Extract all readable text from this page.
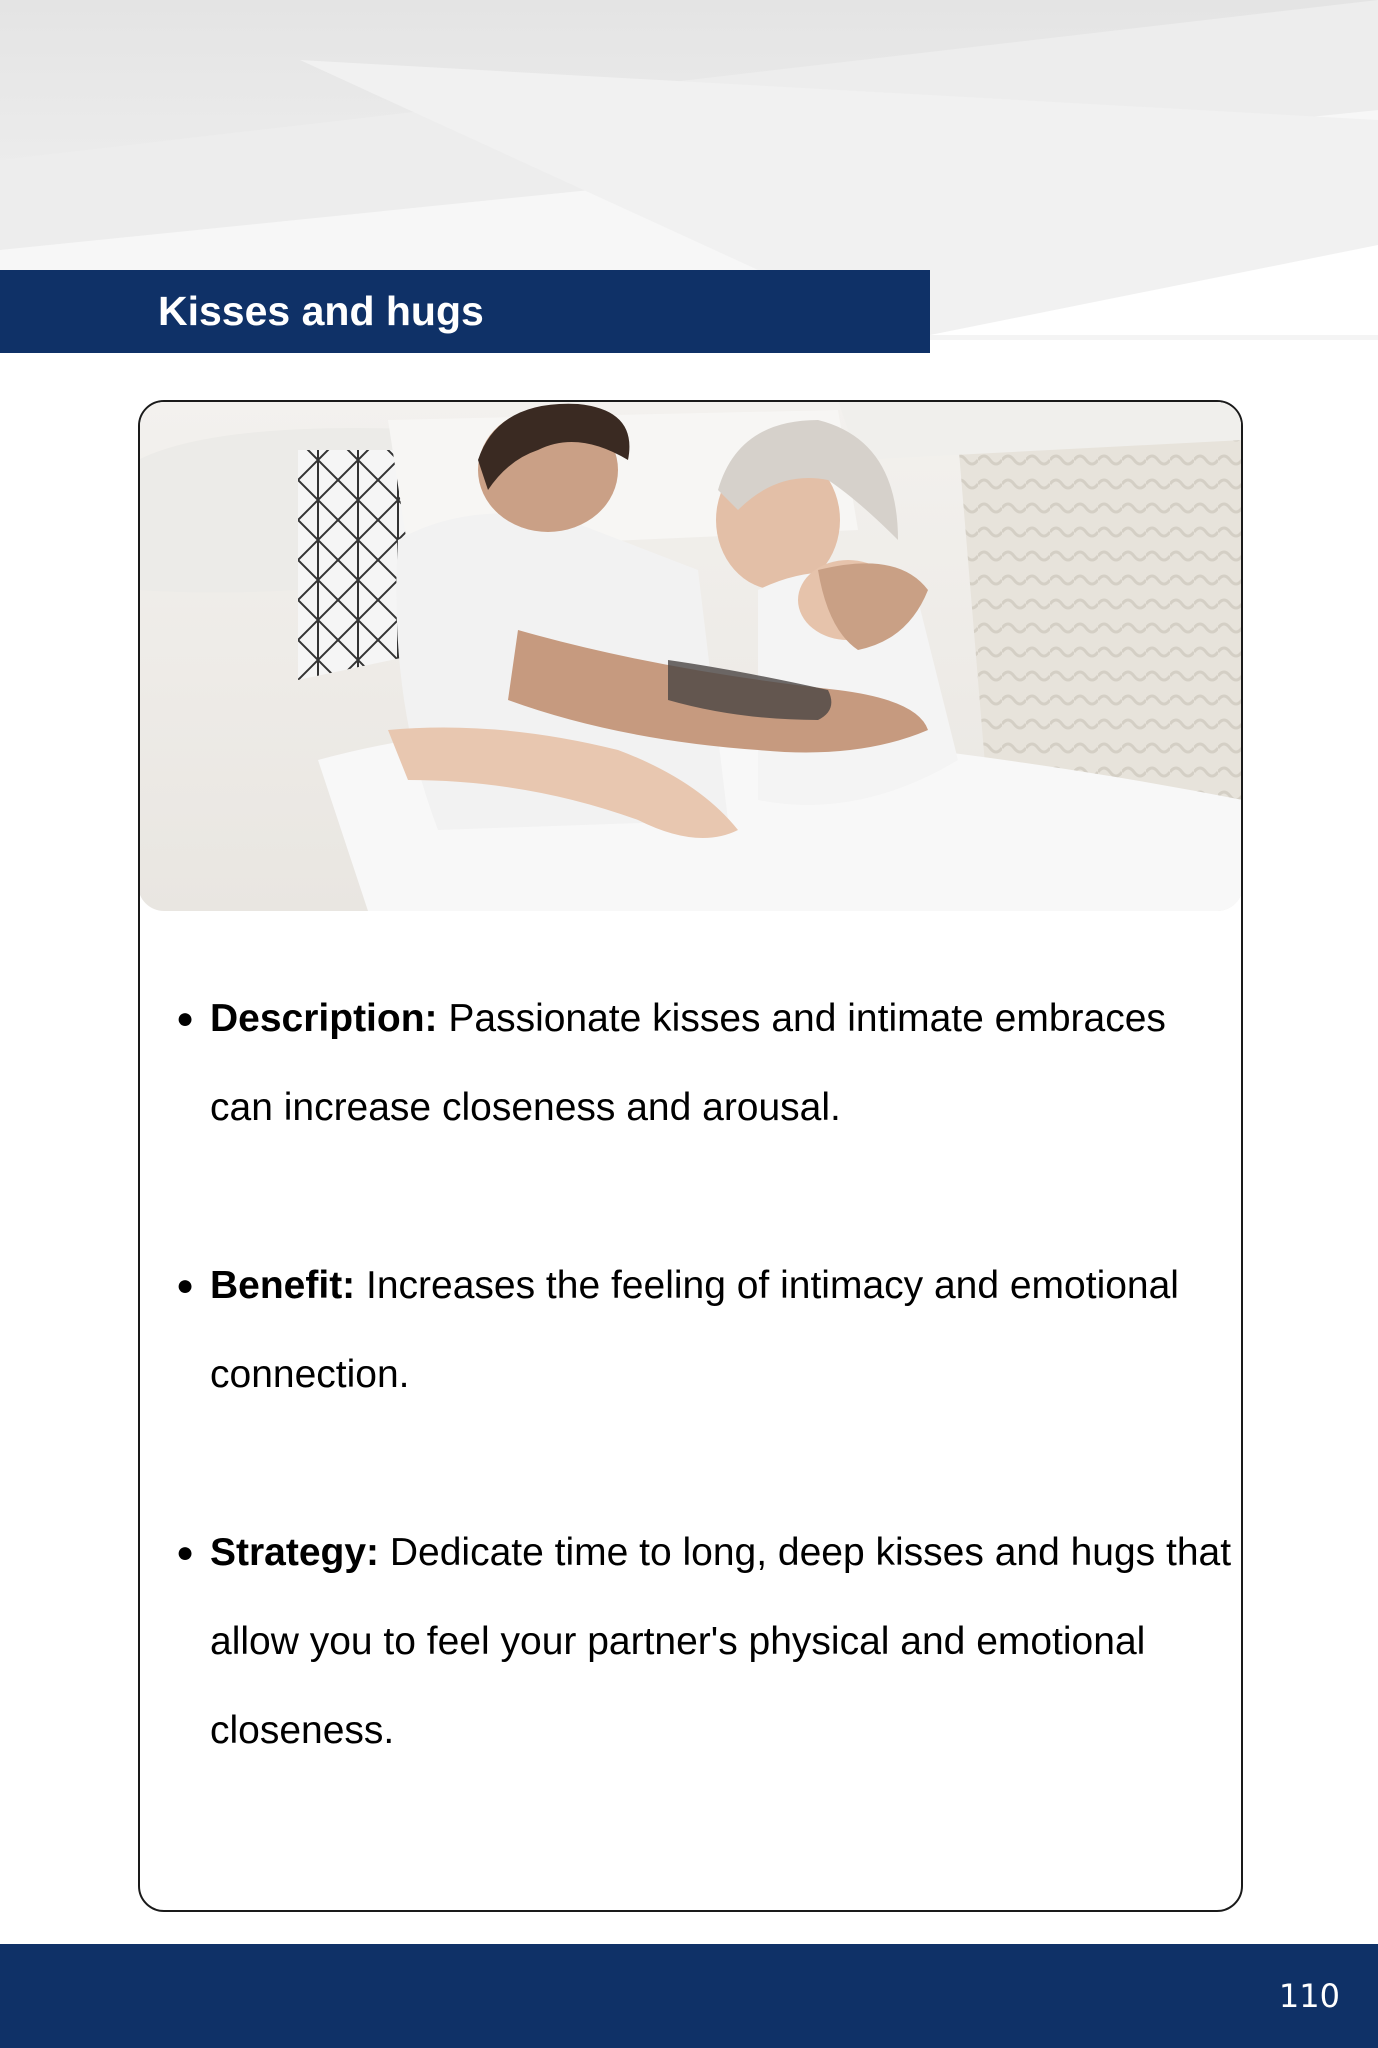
Kisses and hugs
● Description: Passionate kisses and intimate embraces can increase closeness and arousal.
● Benefit: Increases the feeling of intimacy and emotional connection.
● Strategy: Dedicate time to long, deep kisses and hugs that allow you to feel your partner's physical and emotional closeness.
110
